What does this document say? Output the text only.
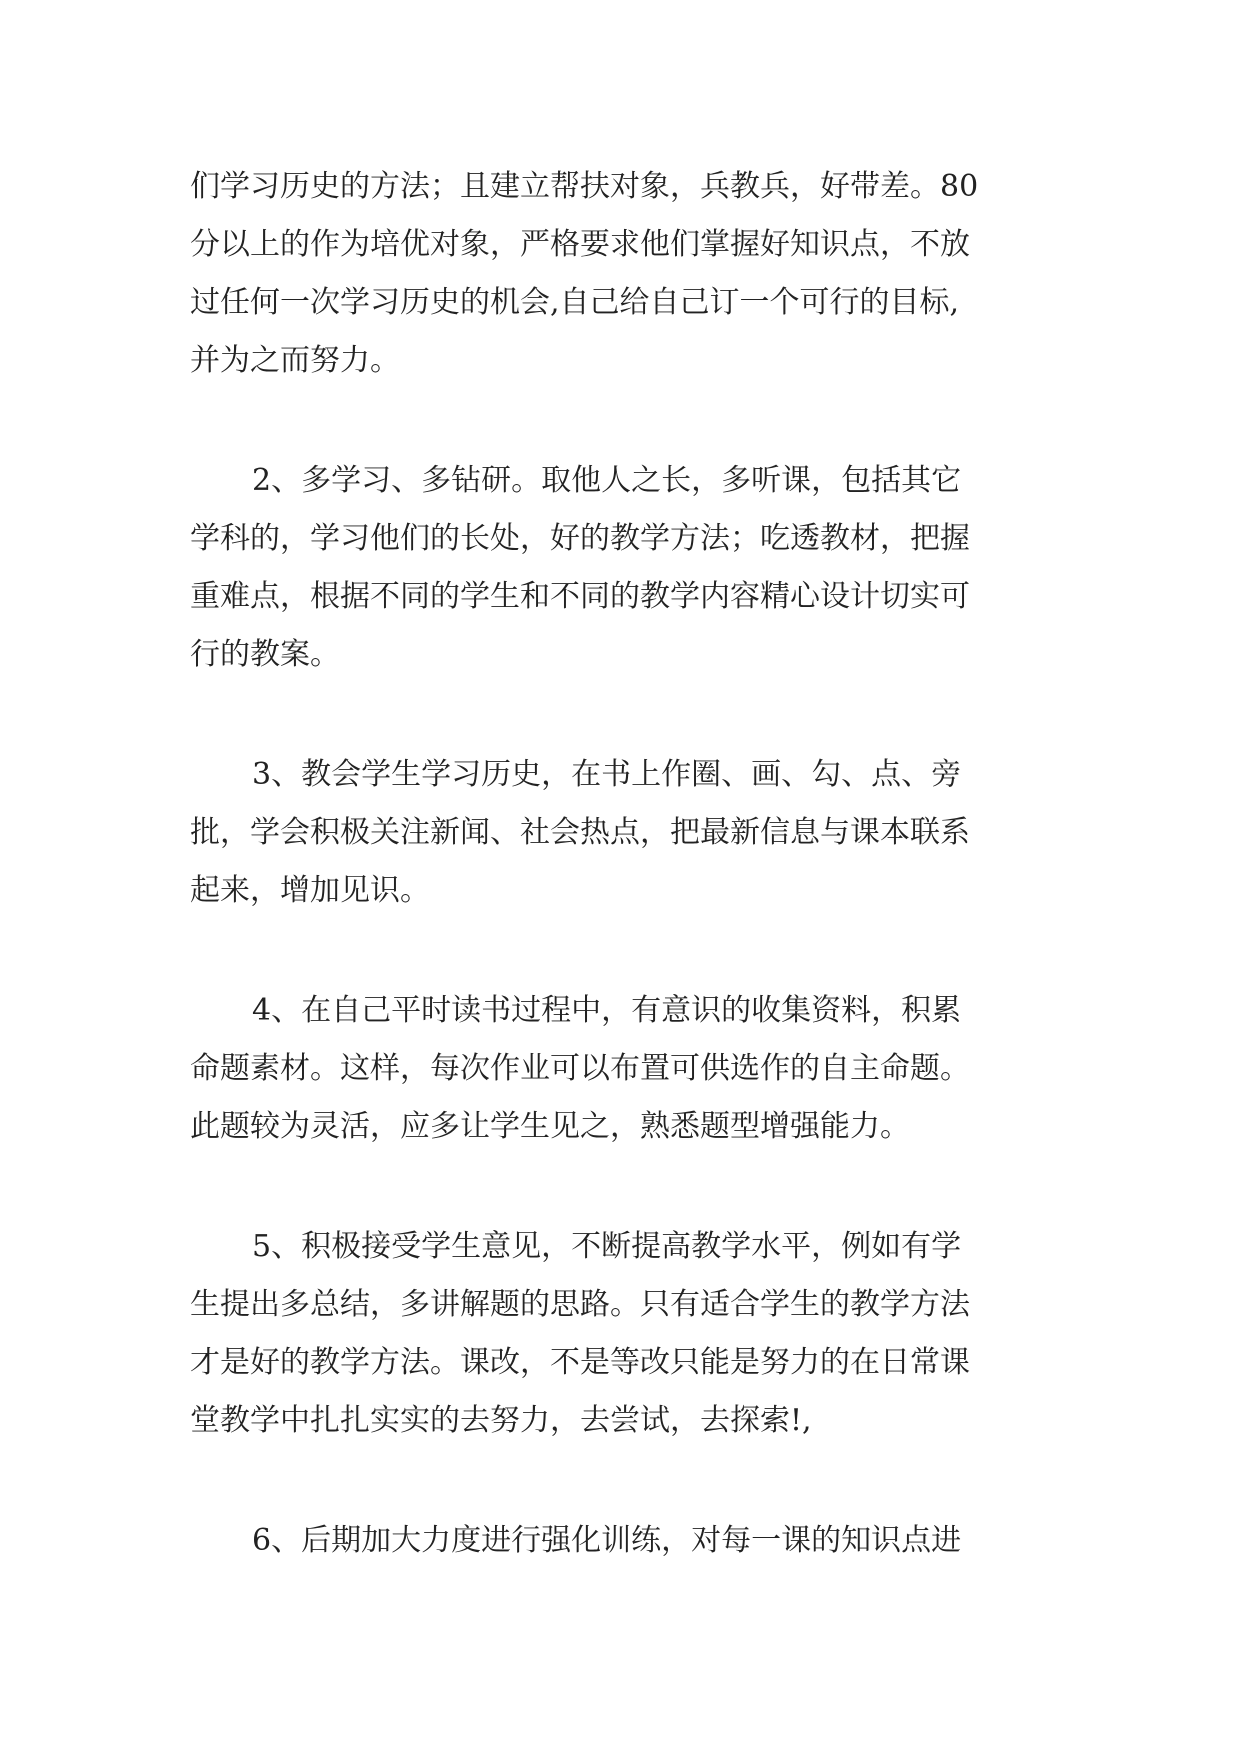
们学习历史的方法；且建立帮扶对象，兵教兵，好带差。80
分以上的作为培优对象，严格要求他们掌握好知识点，不放
过任何一次学习历史的机会,自己给自己订一个可行的目标,
并为之而努力。
2、多学习、多钻研。取他人之长，多听课，包括其它
学科的，学习他们的长处，好的教学方法；吃透教材，把握
重难点，根据不同的学生和不同的教学内容精心设计切实可
行的教案。
3、教会学生学习历史，在书上作圈、画、勾、点、旁
批，学会积极关注新闻、社会热点，把最新信息与课本联系
起来，增加见识。
4、在自己平时读书过程中，有意识的收集资料，积累
命题素材。这样，每次作业可以布置可供选作的自主命题。
此题较为灵活，应多让学生见之，熟悉题型增强能力。
5、积极接受学生意见，不断提高教学水平，例如有学
生提出多总结，多讲解题的思路。只有适合学生的教学方法
才是好的教学方法。课改，不是等改只能是努力的在日常课
堂教学中扎扎实实的去努力，去尝试，去探索!,
6、后期加大力度进行强化训练，对每一课的知识点进
